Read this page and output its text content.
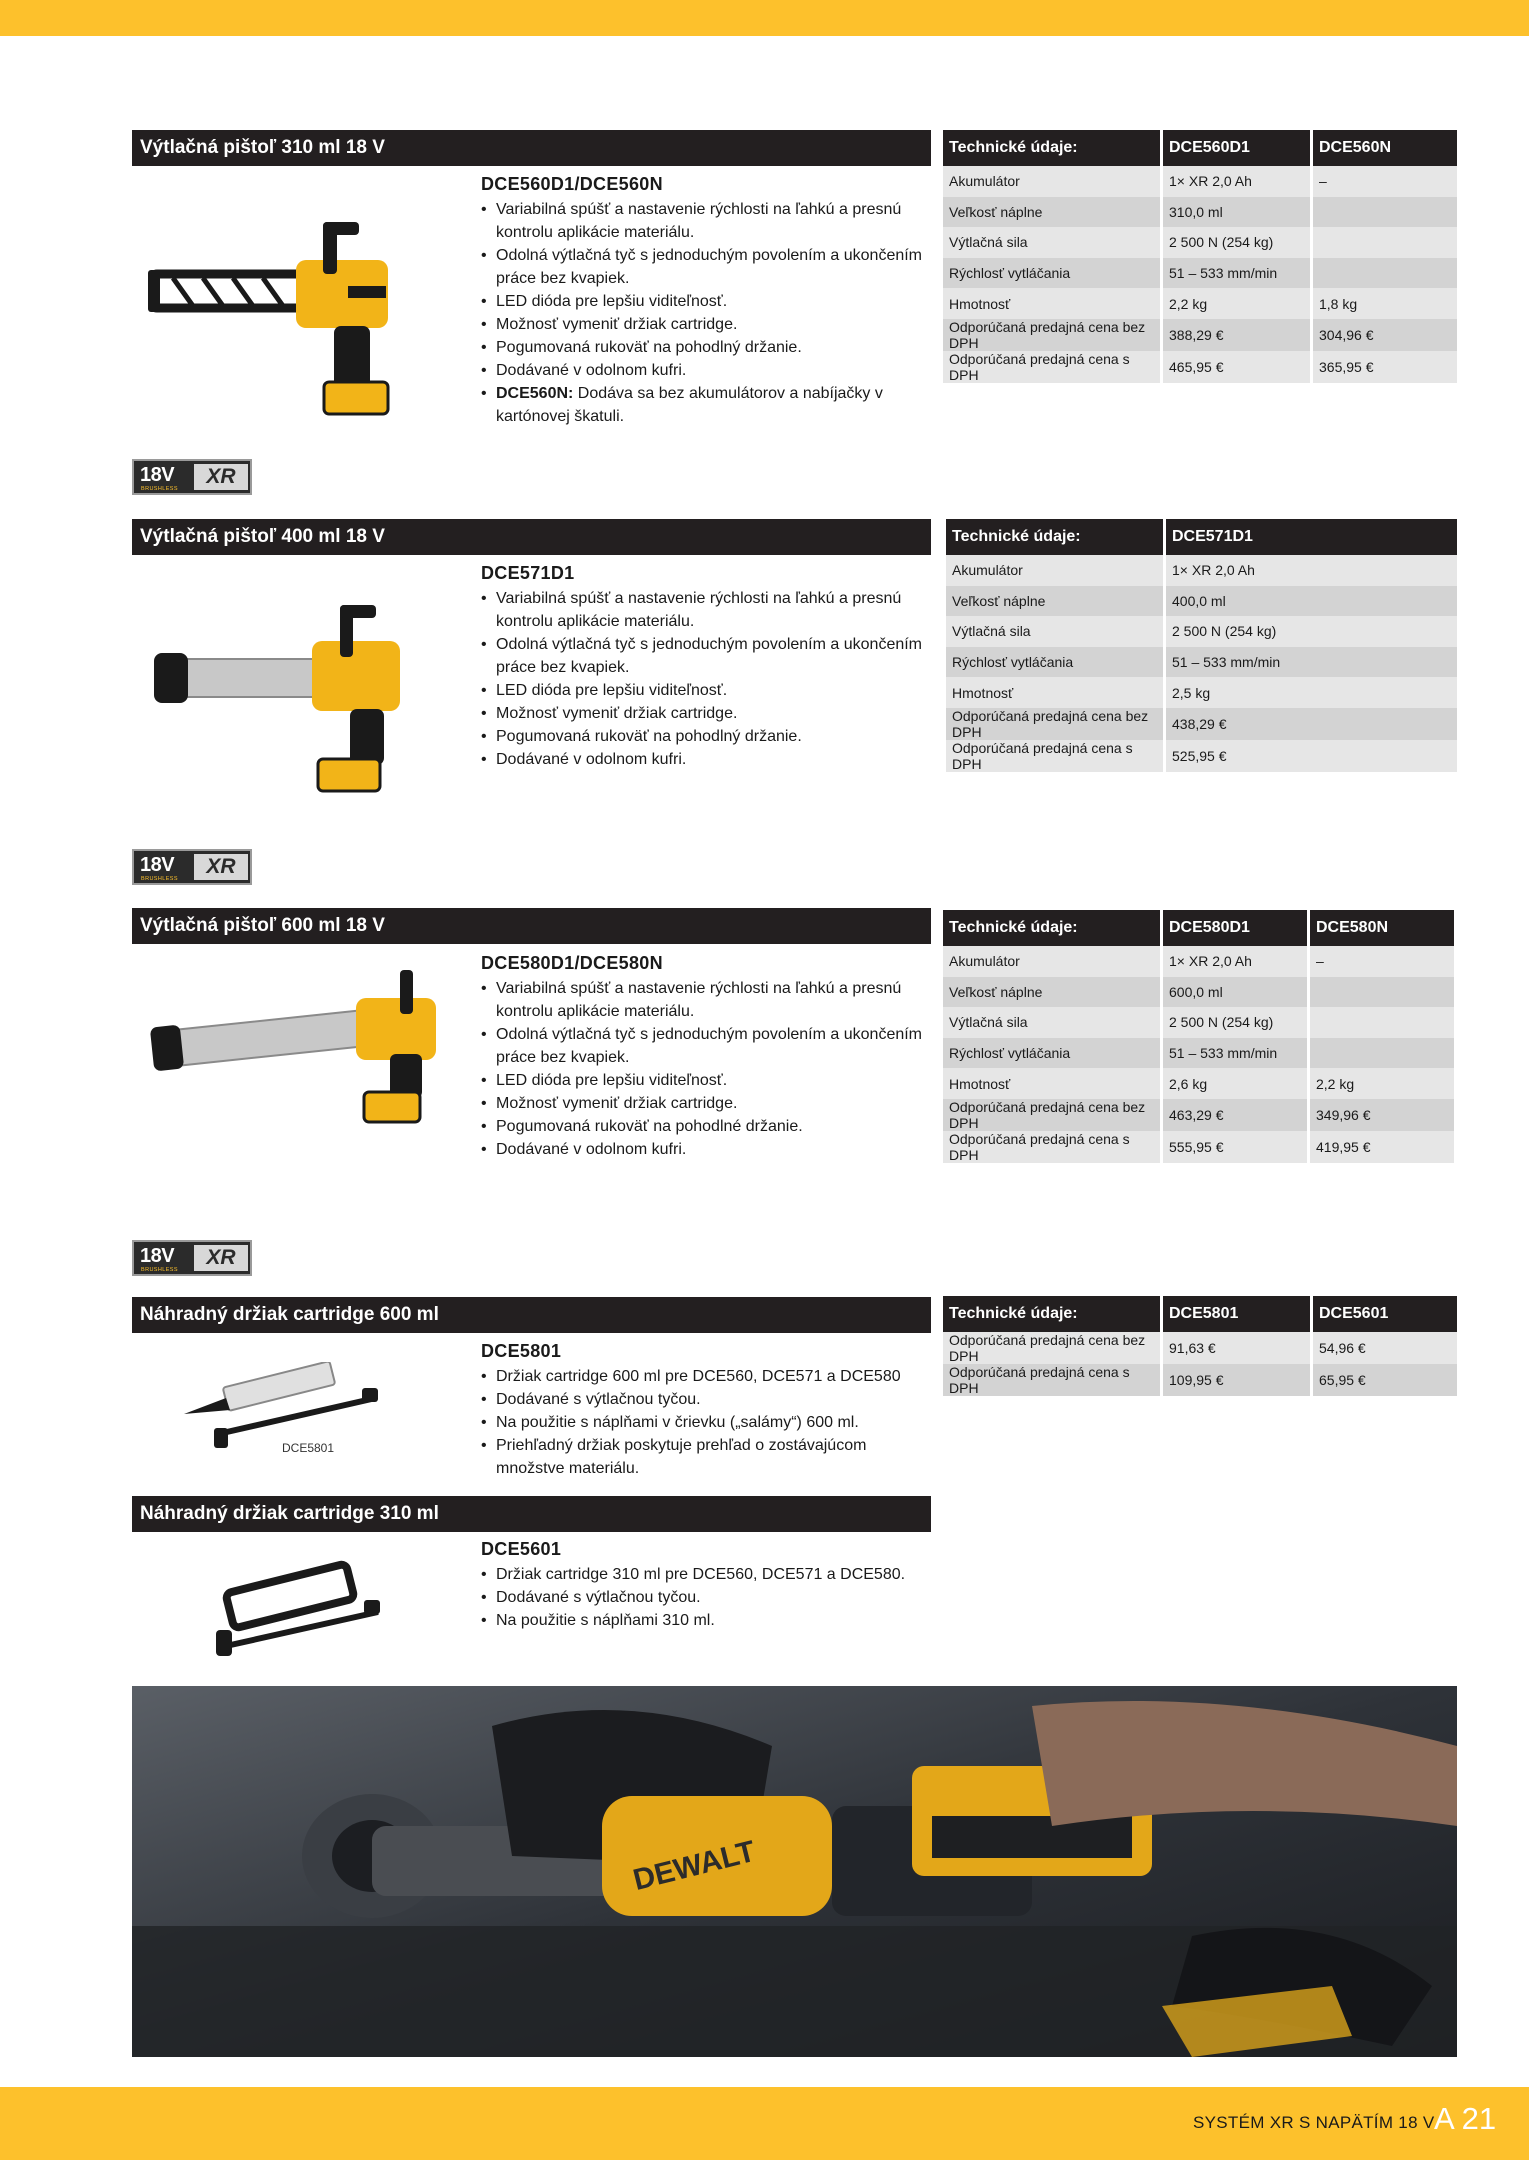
Výtlačná pištoľ 310 ml 18 V
DCE560D1/DCE560N
• Variabilná spúšť a nastavenie rýchlosti na ľahkú a presnú kontrolu aplikácie materiálu.
• Odolná výtlačná tyč s jednoduchým povolením a ukončením práce bez kvapiek.
• LED dióda pre lepšiu viditeľnosť.
• Možnosť vymeniť držiak cartridge.
• Pogumovaná rukoväť na pohodlný držanie.
• Dodávané v odolnom kufri.
• DCE560N: Dodáva sa bez akumulátorov a nabíjačky v kartónovej škatuli.
Technické údaje:	DCE560D1	DCE560N
Akumulátor	1× XR 2,0 Ah	–
Veľkosť náplne	310,0 ml	
Výtlačná sila	2 500 N (254 kg)	
Rýchlosť vytláčania	51 – 533 mm/min	
Hmotnosť	2,2 kg	1,8 kg
Odporúčaná predajná cena bez DPH	388,29 €	304,96 €
Odporúčaná predajná cena s DPH	465,95 €	365,95 €
18V
BRUSHLESS
XR
Výtlačná pištoľ 400 ml 18 V
DCE571D1
• Variabilná spúšť a nastavenie rýchlosti na ľahkú a presnú kontrolu aplikácie materiálu.
• Odolná výtlačná tyč s jednoduchým povolením a ukončením práce bez kvapiek.
• LED dióda pre lepšiu viditeľnosť.
• Možnosť vymeniť držiak cartridge.
• Pogumovaná rukoväť na pohodlný držanie.
• Dodávané v odolnom kufri.
Technické údaje:	DCE571D1
Akumulátor	1× XR 2,0 Ah
Veľkosť náplne	400,0 ml
Výtlačná sila	2 500 N (254 kg)
Rýchlosť vytláčania	51 – 533 mm/min
Hmotnosť	2,5 kg
Odporúčaná predajná cena bez DPH	438,29 €
Odporúčaná predajná cena s DPH	525,95 €
18V
BRUSHLESS
XR
Výtlačná pištoľ 600 ml 18 V
DCE580D1/DCE580N
• Variabilná spúšť a nastavenie rýchlosti na ľahkú a presnú kontrolu aplikácie materiálu.
• Odolná výtlačná tyč s jednoduchým povolením a ukončením práce bez kvapiek.
• LED dióda pre lepšiu viditeľnosť.
• Možnosť vymeniť držiak cartridge.
• Pogumovaná rukoväť na pohodlné držanie.
• Dodávané v odolnom kufri.
Technické údaje:	DCE580D1	DCE580N
Akumulátor	1× XR 2,0 Ah	–
Veľkosť náplne	600,0 ml	
Výtlačná sila	2 500 N (254 kg)	
Rýchlosť vytláčania	51 – 533 mm/min	
Hmotnosť	2,6 kg	2,2 kg
Odporúčaná predajná cena bez DPH	463,29 €	349,96 €
Odporúčaná predajná cena s DPH	555,95 €	419,95 €
18V
BRUSHLESS
XR
Náhradný držiak cartridge 600 ml
DCE5801
DCE5801
• Držiak cartridge 600 ml pre DCE560, DCE571 a DCE580
• Dodávané s výtlačnou tyčou.
• Na použitie s náplňami v črievku („salámy“) 600 ml.
• Priehľadný držiak poskytuje prehľad o zostávajúcom množstve materiálu.
Technické údaje:	DCE5801	DCE5601
Odporúčaná predajná cena bez DPH	91,63 €	54,96 €
Odporúčaná predajná cena s DPH	109,95 €	65,95 €
Náhradný držiak cartridge 310 ml
DCE5601
• Držiak cartridge 310 ml pre DCE560, DCE571 a DCE580.
• Dodávané s výtlačnou tyčou.
• Na použitie s náplňami 310 ml.
DEWALT
SYSTÉM XR S NAPÄTÍM 18 V A 21
